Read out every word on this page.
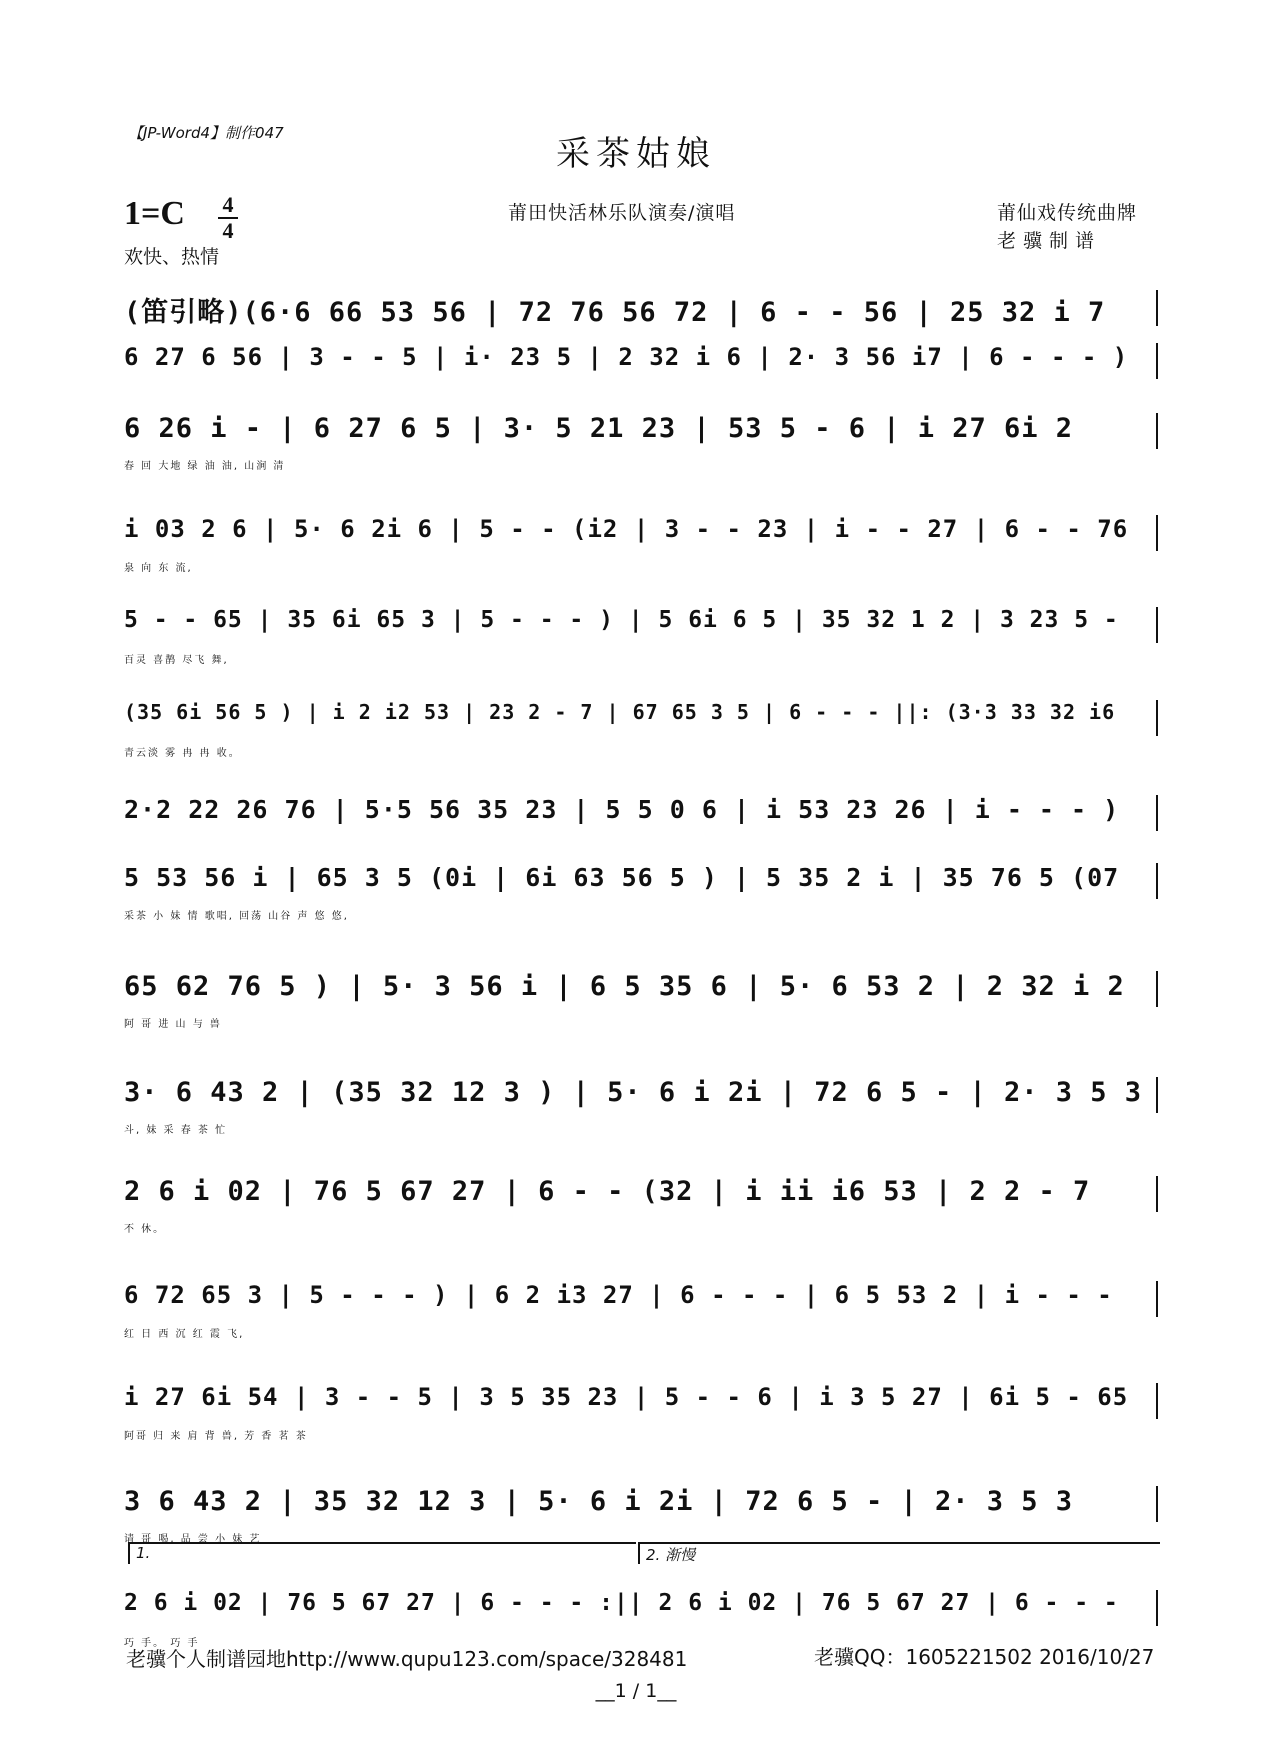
【JP-Word4】制作047
采茶姑娘
1=C 4
4
欢快、热情
莆田快活林乐队演奏/演唱	莆仙戏传统曲牌
老骥制谱
(笛引略)(6·6 66 53 56 | 72 76 56 72 | 6 - - 56 | 25 32 i 7
6 27 6 56 | 3 - - 5 | i· 23 5 | 2 32 i 6 | 2· 3 56 i7 | 6 - - - )
6 26 i - | 6 27 6 5 | 3· 5 21 23 | 53 5 - 6 | i 27 6i 2
春 回 大地 绿 油 油, 山涧 清
i 03 2 6 | 5· 6 2i 6 | 5 - - (i2 | 3 - - 23 | i - - 27 | 6 - - 76
泉 向 东 流,
5 - - 65 | 35 6i 65 3 | 5 - - - ) | 5 6i 6 5 | 35 32 1 2 | 3 23 5 -
百灵 喜鹊 尽飞 舞,
(35 6i 56 5 ) | i 2 i2 53 | 23 2 - 7 | 67 65 3 5 | 6 - - - ||: (3·3 33 32 i6
青云淡 雾 冉 冉 收。
2·2 22 26 76 | 5·5 56 35 23 | 5 5 0 6 | i 53 23 26 | i - - - )
5 53 56 i | 65 3 5 (0i | 6i 63 56 5 ) | 5 35 2 i | 35 76 5 (07
采茶 小 妹 情 歌唱, 回荡 山谷 声 悠 悠,
65 62 76 5 ) | 5· 3 56 i | 6 5 35 6 | 5· 6 53 2 | 2 32 i 2
阿 哥 进 山 与 兽
3· 6 43 2 | (35 32 12 3 ) | 5· 6 i 2i | 72 6 5 - | 2· 3 5 3
斗, 妹 采 春 茶 忙
2 6 i 02 | 76 5 67 27 | 6 - - (32 | i ii i6 53 | 2 2 - 7
不 休。
6 72 65 3 | 5 - - - ) | 6 2 i3 27 | 6 - - - | 6 5 53 2 | i - - -
红 日 西 沉 红 霞 飞,
i 27 6i 54 | 3 - - 5 | 3 5 35 23 | 5 - - 6 | i 3 5 27 | 6i 5 - 65
阿哥 归 来 肩 背 兽, 芳 香 茗 茶
3 6 43 2 | 35 32 12 3 | 5· 6 i 2i | 72 6 5 - | 2· 3 5 3
请 哥 喝, 品 尝 小 妹 艺
2 6 i 02 | 76 5 67 27 | 6 - - - :|| 2 6 i 02 | 76 5 67 27 | 6 - - -
巧 手。 巧 手
1.	2. 渐慢
老骥个人制谱园地http://www.qupu123.com/space/328481	老骥QQ：1605221502 2016/10/27
__1 / 1__
